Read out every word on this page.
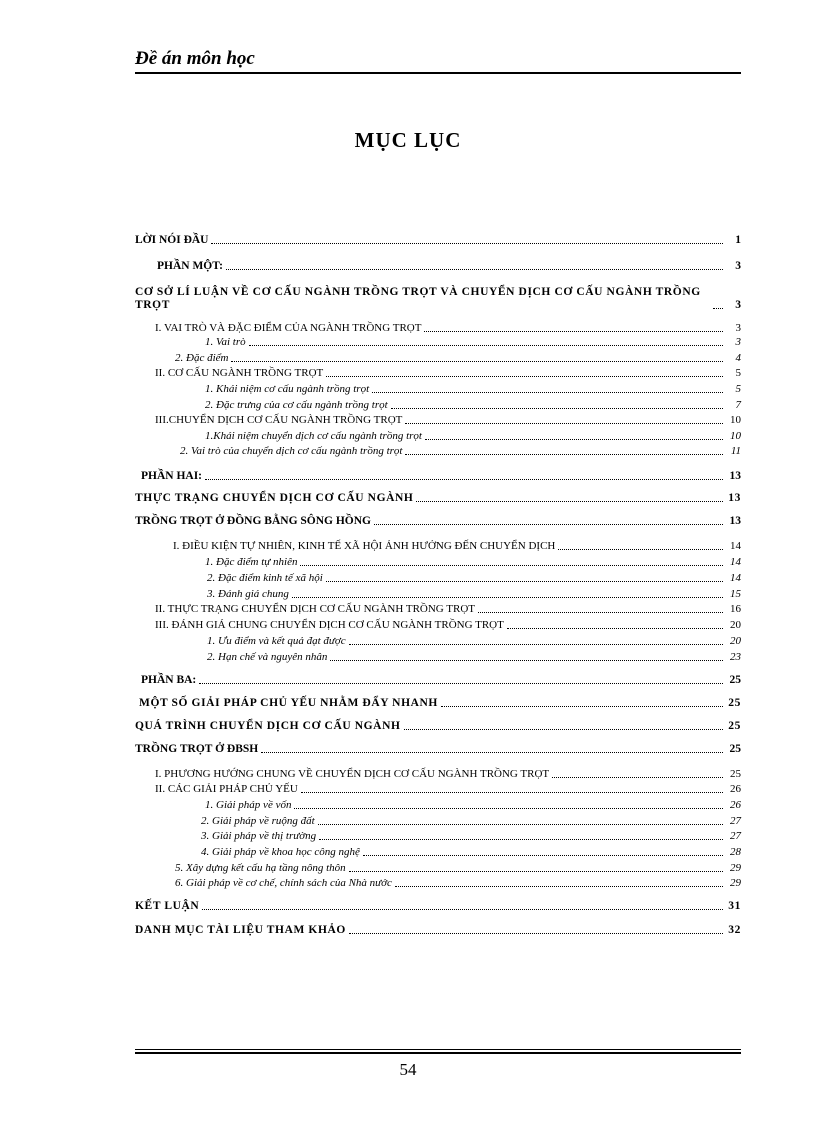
Đề án môn học
MỤC LỤC
LỜI NÓI ĐẦU	1
PHẦN MỘT:	3
CƠ SỞ LÍ LUẬN VỀ CƠ CẤU NGÀNH TRỒNG TRỌT VÀ CHUYỂN DỊCH CƠ CẤU NGÀNH TRỒNG TRỌT	3
I. VAI TRÒ VÀ ĐẶC ĐIỂM CỦA NGÀNH TRỒNG TRỌT	3
1. Vai trò	3
2. Đặc điểm	4
II. CƠ CẤU NGÀNH TRỒNG TRỌT	5
1. Khái niệm cơ cấu ngành trồng trọt	5
2. Đặc trưng của cơ cấu ngành trồng trọt	7
III.CHUYỂN DỊCH CƠ CẤU NGÀNH TRỒNG TRỌT	10
1.Khái niệm chuyển dịch cơ cấu ngành trồng trọt	10
2. Vai trò của chuyển dịch cơ cấu ngành trồng trọt	11
PHẦN HAI:	13
THỰC TRẠNG CHUYỂN DỊCH CƠ CẤU NGÀNH	13
TRỒNG TRỌT Ở ĐỒNG BẰNG SÔNG HỒNG	13
I. ĐIỀU KIỆN TỰ NHIÊN, KINH TẾ XÃ HỘI ẢNH HƯỞNG ĐẾN CHUYỂN DỊCH	14
1. Đặc điểm tự nhiên	14
2. Đặc điểm kinh tế xã hội	14
3. Đánh giá chung	15
II. THỰC TRẠNG CHUYỂN DỊCH CƠ CẤU NGÀNH TRỒNG TRỌT	16
III. ĐÁNH GIÁ CHUNG CHUYỂN DỊCH CƠ CẤU NGÀNH TRỒNG TRỌT	20
1. Ưu điểm và kết quả đạt được	20
2. Hạn chế và nguyên nhân	23
PHẦN BA:	25
MỘT SỐ GIẢI PHÁP CHỦ YẾU NHẰM ĐẨY NHANH	25
QUÁ TRÌNH CHUYỂN DỊCH CƠ CẤU NGÀNH	25
TRỒNG TRỌT Ở ĐBSH	25
I. PHƯƠNG HƯỚNG CHUNG VỀ CHUYỂN DỊCH CƠ CẤU NGÀNH TRỒNG TRỌT	25
II. CÁC GIẢI PHÁP CHỦ YẾU	26
1. Giải pháp về vốn	26
2. Giải pháp về ruộng đất	27
3. Giải pháp về thị trường	27
4. Giải pháp về khoa học công nghệ	28
5. Xây dựng kết cấu hạ tầng nông thôn	29
6. Giải pháp về cơ chế, chính sách của Nhà nước	29
KẾT LUẬN	31
DANH MỤC TÀI LIỆU THAM KHẢO	32
54
